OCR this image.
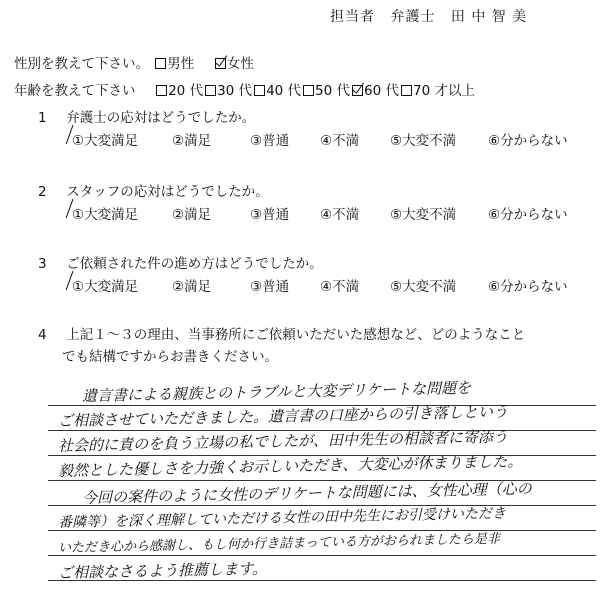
担当者 弁護士 田 中 智 美
性別を教えて下さい。 男性 女性
年齢を教えて下さい 20 代 30 代 40 代 50 代 60 代 70 才以上
1 弁護士の応対はどうでしたか。
①大変満足	②満足	③普通 ④不満 ⑤大変不満 ⑥分からない
2 スタッフの応対はどうでしたか。
①大変満足	②満足	③普通 ④不満 ⑤大変不満 ⑥分からない
3 ご依頼された件の進め方はどうでしたか。
①大変満足	②満足	③普通 ④不満 ⑤大変不満 ⑥分からない
4 上記１～３の理由、当事務所にご依頼いただいた感想など、どのようなこと
でも結構ですからお書きください。
遺言書による親族とのトラブルと大変デリケートな問題を
ご相談させていただきました。遺言書の口座からの引き落しという
社会的に責のを負う立場の私でしたが、田中先生の相談者に寄添う
毅然とした優しさを力強くお示しいただき、大変心が休まりました。
今回の案件のように女性のデリケートな問題には、女性心理（心の
番隣等）を深く理解していただける女性の田中先生にお引受けいただき
いただき心から感謝し、もし何か行き詰まっている方がおられましたら是非
ご相談なさるよう推薦します。
